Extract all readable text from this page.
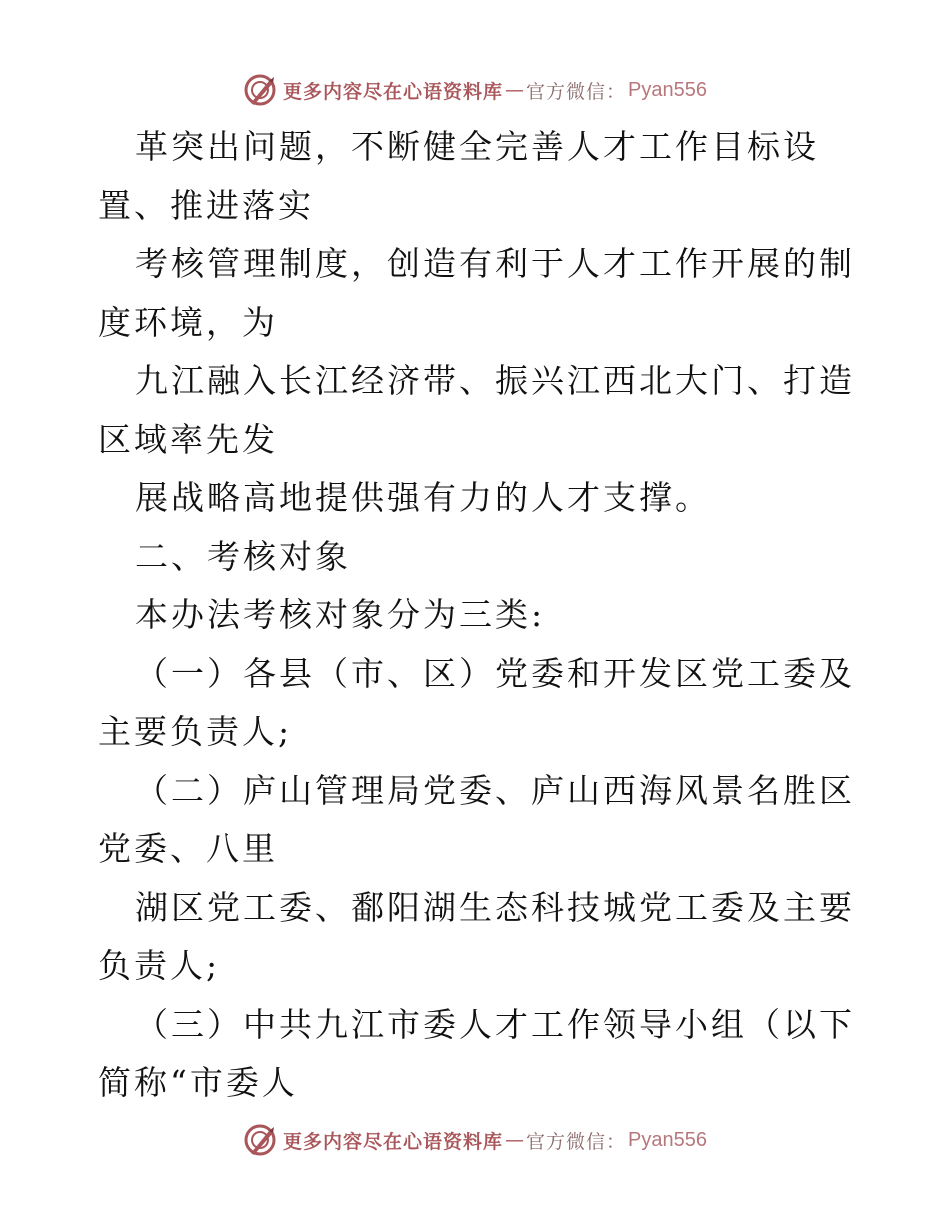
更多内容尽在心语资料库 — 官方微信： Pyan556
革突出问题，不断健全完善人才工作目标设置、推进落实
考核管理制度，创造有利于人才工作开展的制度环境，为
九江融入长江经济带、振兴江西北大门、打造区域率先发
展战略高地提供强有力的人才支撑。
二、考核对象
本办法考核对象分为三类:
（一）各县（市、区）党委和开发区党工委及主要负责人;
（二）庐山管理局党委、庐山西海风景名胜区党委、八里
湖区党工委、鄱阳湖生态科技城党工委及主要负责人;
（三）中共九江市委人才工作领导小组（以下简称“市委人
更多内容尽在心语资料库 — 官方微信： Pyan556
